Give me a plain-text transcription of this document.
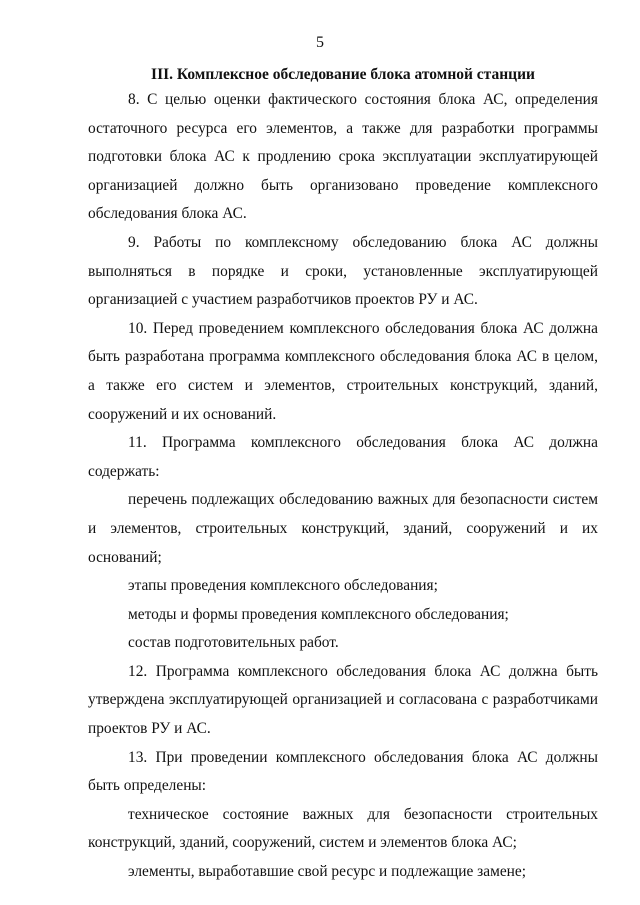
5
III. Комплексное обследование блока атомной станции

8. С целью оценки фактического состояния блока АС, определения остаточного ресурса его элементов, а также для разработки программы подготовки блока АС к продлению срока эксплуатации эксплуатирующей организацией должно быть организовано проведение комплексного обследования блока АС.

9. Работы по комплексному обследованию блока АС должны выполняться в порядке и сроки, установленные эксплуатирующей организацией с участием разработчиков проектов РУ и АС.

10. Перед проведением комплексного обследования блока АС должна быть разработана программа комплексного обследования блока АС в целом, а также его систем и элементов, строительных конструкций, зданий, сооружений и их оснований.

11. Программа комплексного обследования блока АС должна содержать:

перечень подлежащих обследованию важных для безопасности систем и элементов, строительных конструкций, зданий, сооружений и их оснований;

этапы проведения комплексного обследования;

методы и формы проведения комплексного обследования;

состав подготовительных работ.

12. Программа комплексного обследования блока АС должна быть утверждена эксплуатирующей организацией и согласована с разработчиками проектов РУ и АС.

13. При проведении комплексного обследования блока АС должны быть определены:

техническое состояние важных для безопасности строительных конструкций, зданий, сооружений, систем и элементов блока АС;

элементы, выработавшие свой ресурс и подлежащие замене;
